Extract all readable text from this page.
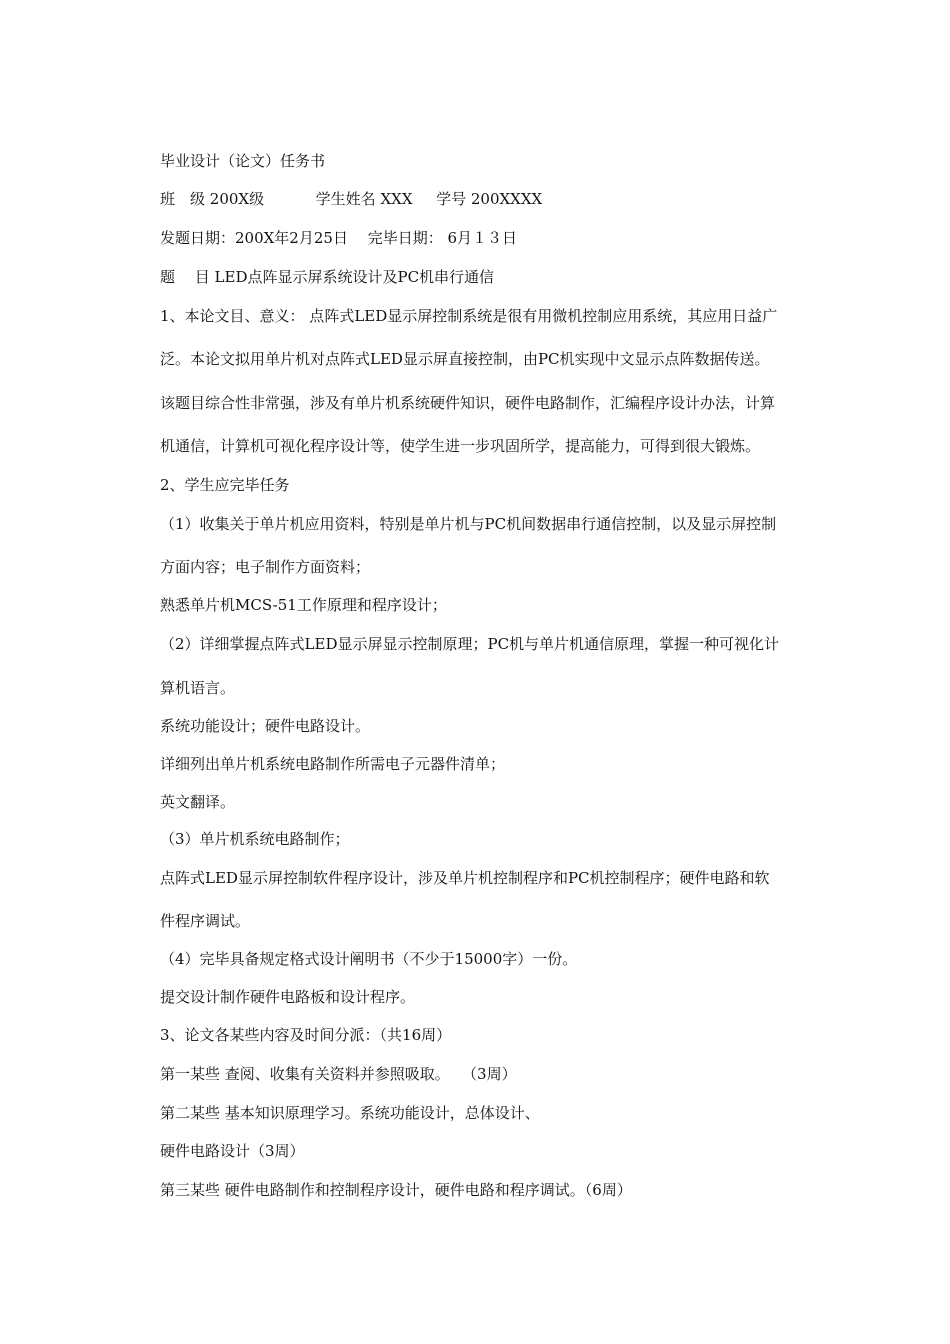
毕业设计（论文）任务书
班　级 200X级	学生姓名 XXX 学号 200XXXX
发题日期：200X年2月25日　 完毕日期： 6月１３日
题　 目 LED点阵显示屏系统设计及PC机串行通信
1、本论文目、意义： 点阵式LED显示屏控制系统是很有用微机控制应用系统，其应用日益广
泛。本论文拟用单片机对点阵式LED显示屏直接控制，由PC机实现中文显示点阵数据传送。
该题目综合性非常强，涉及有单片机系统硬件知识，硬件电路制作，汇编程序设计办法，计算
机通信，计算机可视化程序设计等，使学生进一步巩固所学，提高能力，可得到很大锻炼。
2、学生应完毕任务
（1）收集关于单片机应用资料，特别是单片机与PC机间数据串行通信控制，以及显示屏控制
方面内容；电子制作方面资料；
熟悉单片机MCS-51工作原理和程序设计；
（2）详细掌握点阵式LED显示屏显示控制原理；PC机与单片机通信原理，掌握一种可视化计
算机语言。
系统功能设计；硬件电路设计。
详细列出单片机系统电路制作所需电子元器件清单；
英文翻译。
（3）单片机系统电路制作；
点阵式LED显示屏控制软件程序设计，涉及单片机控制程序和PC机控制程序；硬件电路和软
件程序调试。
（4）完毕具备规定格式设计阐明书（不少于15000字）一份。
提交设计制作硬件电路板和设计程序。
3、论文各某些内容及时间分派：（共16周）
第一某些 查阅、收集有关资料并参照吸取。　 （3周）
第二某些 基本知识原理学习。系统功能设计，总体设计、
硬件电路设计（3周）
第三某些 硬件电路制作和控制程序设计，硬件电路和程序调试。（6周）
